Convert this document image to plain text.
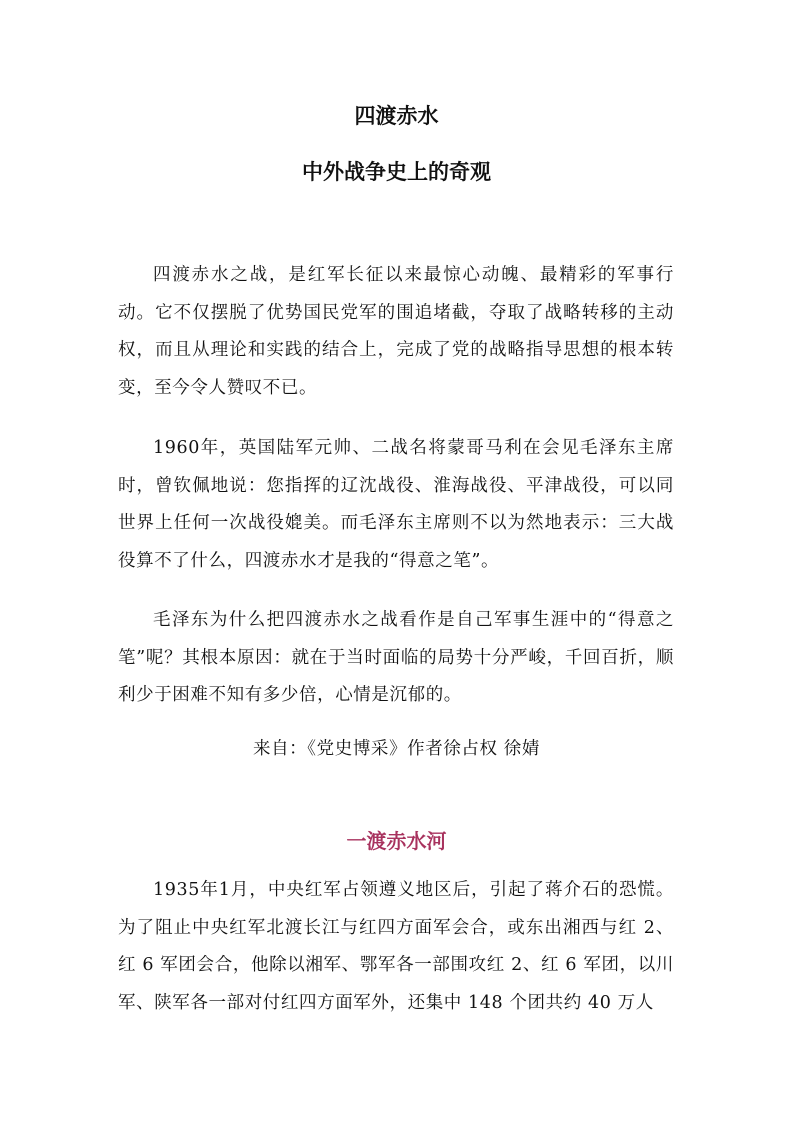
四渡赤水
中外战争史上的奇观

四渡赤水之战，是红军长征以来最惊心动魄、最精彩的军事行动。它不仅摆脱了优势国民党军的围追堵截，夺取了战略转移的主动权，而且从理论和实践的结合上，完成了党的战略指导思想的根本转变，至今令人赞叹不已。

1960年，英国陆军元帅、二战名将蒙哥马利在会见毛泽东主席时，曾钦佩地说：您指挥的辽沈战役、淮海战役、平津战役，可以同世界上任何一次战役媲美。而毛泽东主席则不以为然地表示：三大战役算不了什么，四渡赤水才是我的“得意之笔”。

毛泽东为什么把四渡赤水之战看作是自己军事生涯中的“得意之笔”呢？其根本原因：就在于当时面临的局势十分严峻，千回百折，顺利少于困难不知有多少倍，心情是沉郁的。

来自：《党史博采》作者徐占权 徐婧
一渡赤水河

1935年1月，中央红军占领遵义地区后，引起了蒋介石的恐慌。为了阻止中央红军北渡长江与红四方面军会合，或东出湘西与红 2、红 6 军团会合，他除以湘军、鄂军各一部围攻红 2、红 6 军团，以川军、陕军各一部对付红四方面军外，还集中 148 个团共约 40 万人
